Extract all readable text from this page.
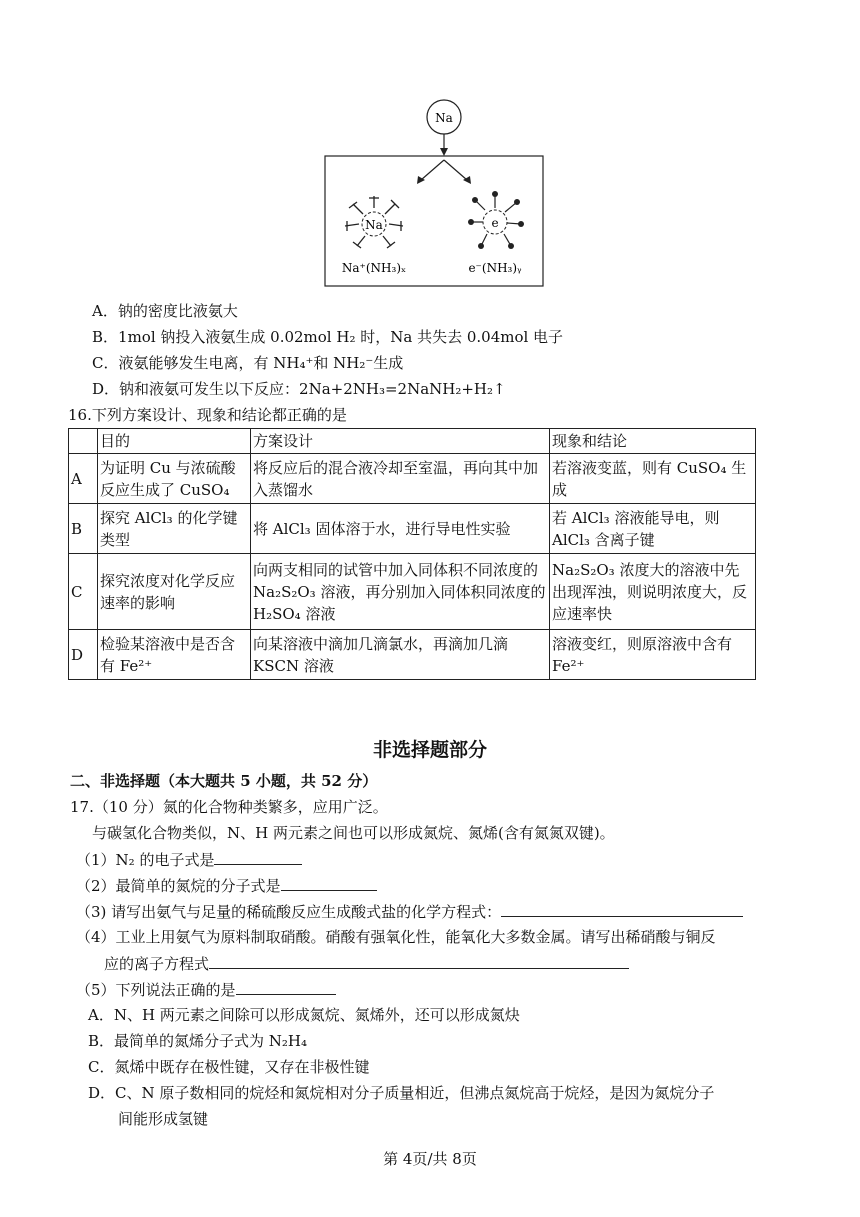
Na
Na	e
Na⁺(NH₃)ₓ	e⁻(NH₃)ᵧ
A．钠的密度比液氨大
B．1mol 钠投入液氨生成 0.02mol H₂ 时，Na 共失去 0.04mol 电子
C．液氨能够发生电离，有 NH₄⁺和 NH₂⁻生成
D．钠和液氨可发生以下反应：2Na+2NH₃=2NaNH₂+H₂↑
16.下列方案设计、现象和结论都正确的是
	目的	方案设计	现象和结论
A	为证明 Cu 与浓硫酸反应生成了 CuSO₄	将反应后的混合液冷却至室温，再向其中加入蒸馏水	若溶液变蓝，则有 CuSO₄ 生成
B	探究 AlCl₃ 的化学键类型	将 AlCl₃ 固体溶于水，进行导电性实验	若 AlCl₃ 溶液能导电，则 AlCl₃ 含离子键
C	探究浓度对化学反应速率的影响	向两支相同的试管中加入同体积不同浓度的 Na₂S₂O₃ 溶液，再分别加入同体积同浓度的 H₂SO₄ 溶液	Na₂S₂O₃ 浓度大的溶液中先出现浑浊，则说明浓度大，反应速率快
D	检验某溶液中是否含有 Fe²⁺	向某溶液中滴加几滴氯水，再滴加几滴 KSCN 溶液	溶液变红，则原溶液中含有 Fe²⁺
非选择题部分
二、非选择题（本大题共 5 小题，共 52 分）
17.（10 分）氮的化合物种类繁多，应用广泛。
与碳氢化合物类似，N、H 两元素之间也可以形成氮烷、氮烯(含有氮氮双键)。
（1）N₂ 的电子式是
（2）最简单的氮烷的分子式是
（3) 请写出氨气与足量的稀硫酸反应生成酸式盐的化学方程式：
（4）工业上用氨气为原料制取硝酸。硝酸有强氧化性，能氧化大多数金属。请写出稀硝酸与铜反
应的离子方程式
（5）下列说法正确的是
A．N、H 两元素之间除可以形成氮烷、氮烯外，还可以形成氮炔
B．最简单的氮烯分子式为 N₂H₄
C．氮烯中既存在极性键，又存在非极性键
D．C、N 原子数相同的烷烃和氮烷相对分子质量相近，但沸点氮烷高于烷烃，是因为氮烷分子
间能形成氢键
第 4页/共 8页
